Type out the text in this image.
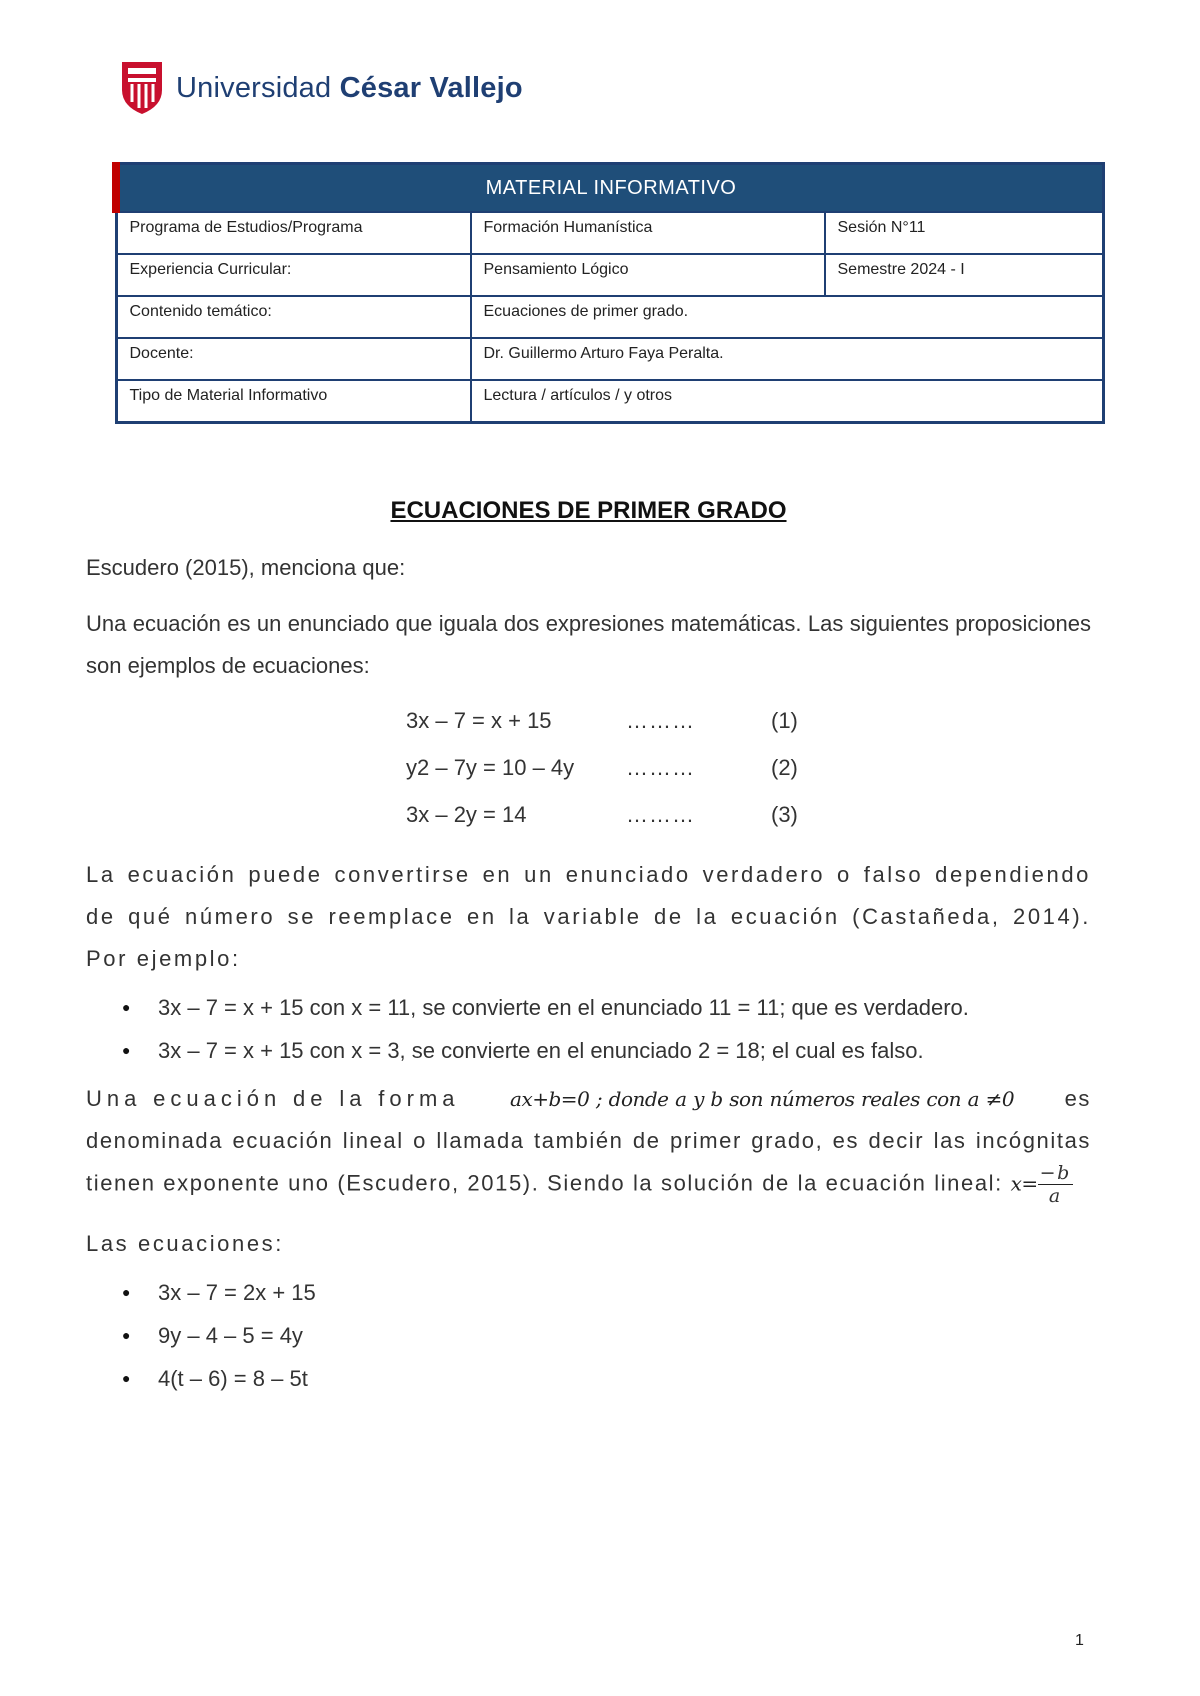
Universidad César Vallejo
MATERIAL INFORMATIVO		
Programa de Estudios/Programa	Formación Humanística	Sesión N°11
Experiencia Curricular:	Pensamiento Lógico	Semestre 2024 - I
Contenido temático:	Ecuaciones de primer grado.	
Docente:	Dr. Guillermo Arturo Faya Peralta.	
Tipo de Material Informativo	Lectura / artículos / y otros	
ECUACIONES DE PRIMER GRADO

Escudero (2015), menciona que:

Una ecuación es un enunciado que iguala dos expresiones matemáticas. Las siguientes proposiciones son ejemplos de ecuaciones:

3x – 7 = x + 15	………	(1)
y2 – 7y = 10 – 4y	………	(2)
3x – 2y = 14	………	(3)

La ecuación puede convertirse en un enunciado verdadero o falso dependiendo de qué número se reemplace en la variable de la ecuación (Castañeda, 2014). Por ejemplo:

● 3x – 7 = x + 15 con x = 11, se convierte en el enunciado 11 = 11; que es verdadero.
● 3x – 7 = x + 15 con x = 3, se convierte en el enunciado 2 = 18; el cual es falso.

Una ecuación de la forma	ax+b=0 ; donde a y b son números reales con a ≠0 es denominada ecuación lineal o llamada también de primer grado, es decir las incógnitas tienen exponente uno (Escudero, 2015). Siendo la solución de la ecuación lineal: $x= \frac{-b}{a}$

Las ecuaciones:

● 3x – 7 = 2x + 15
● 9y – 4 – 5 = 4y
● 4(t – 6) = 8 – 5t
1
